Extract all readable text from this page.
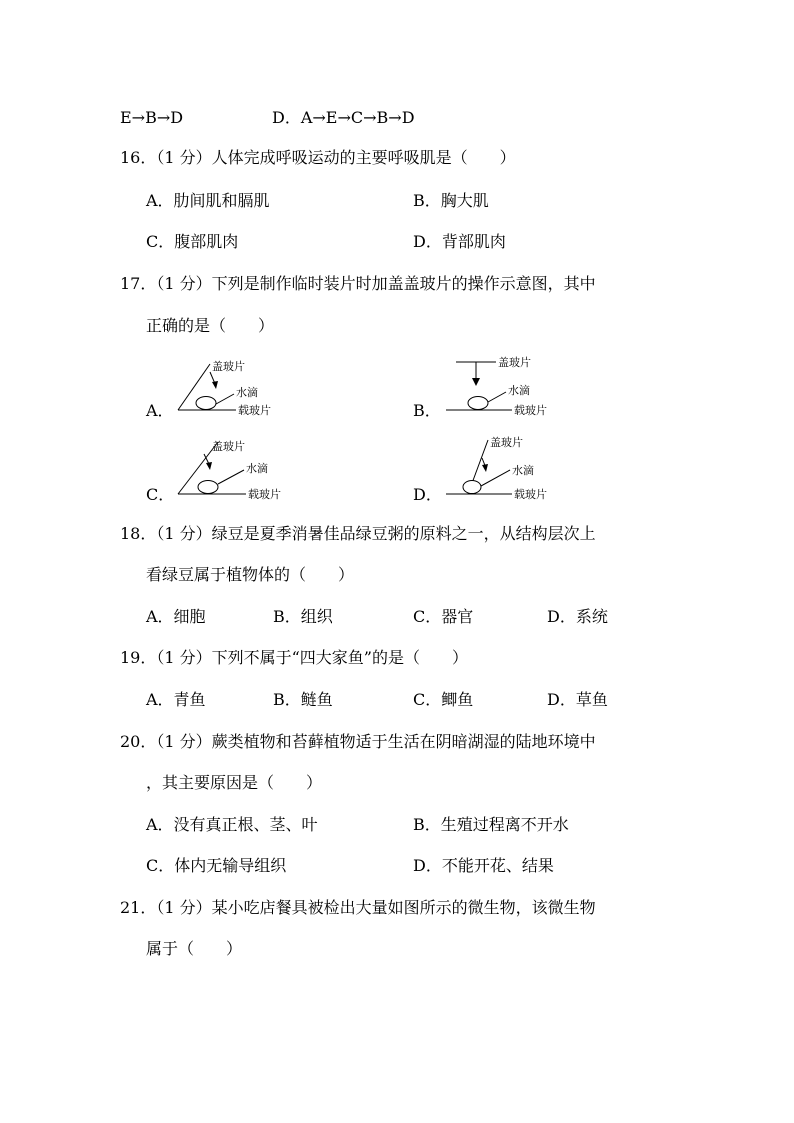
E→B→D	D．A→E→C→B→D
16．（1 分）人体完成呼吸运动的主要呼吸肌是（　　）
A．肋间肌和膈肌	B．胸大肌
C．腹部肌肉	D．背部肌肉
17．（1 分）下列是制作临时装片时加盖盖玻片的操作示意图，其中
正确的是（　　）
A．
盖玻片
水滴
载玻片	B．
盖玻片
水滴
载玻片
C．
盖玻片
水滴
载玻片	D．
盖玻片
水滴
载玻片
18．（1 分）绿豆是夏季消暑佳品绿豆粥的原料之一，从结构层次上
看绿豆属于植物体的（　　）
A．细胞	B．组织	C．器官	D．系统
19．（1 分）下列不属于“四大家鱼”的是（　　）
A．青鱼	B．鲢鱼	C．鲫鱼	D．草鱼
20．（1 分）蕨类植物和苔藓植物适于生活在阴暗湖湿的陆地环境中
，其主要原因是（　　）
A．没有真正根、茎、叶	B．生殖过程离不开水
C．体内无输导组织	D．不能开花、结果
21．（1 分）某小吃店餐具被检出大量如图所示的微生物，该微生物
属于（　　）
